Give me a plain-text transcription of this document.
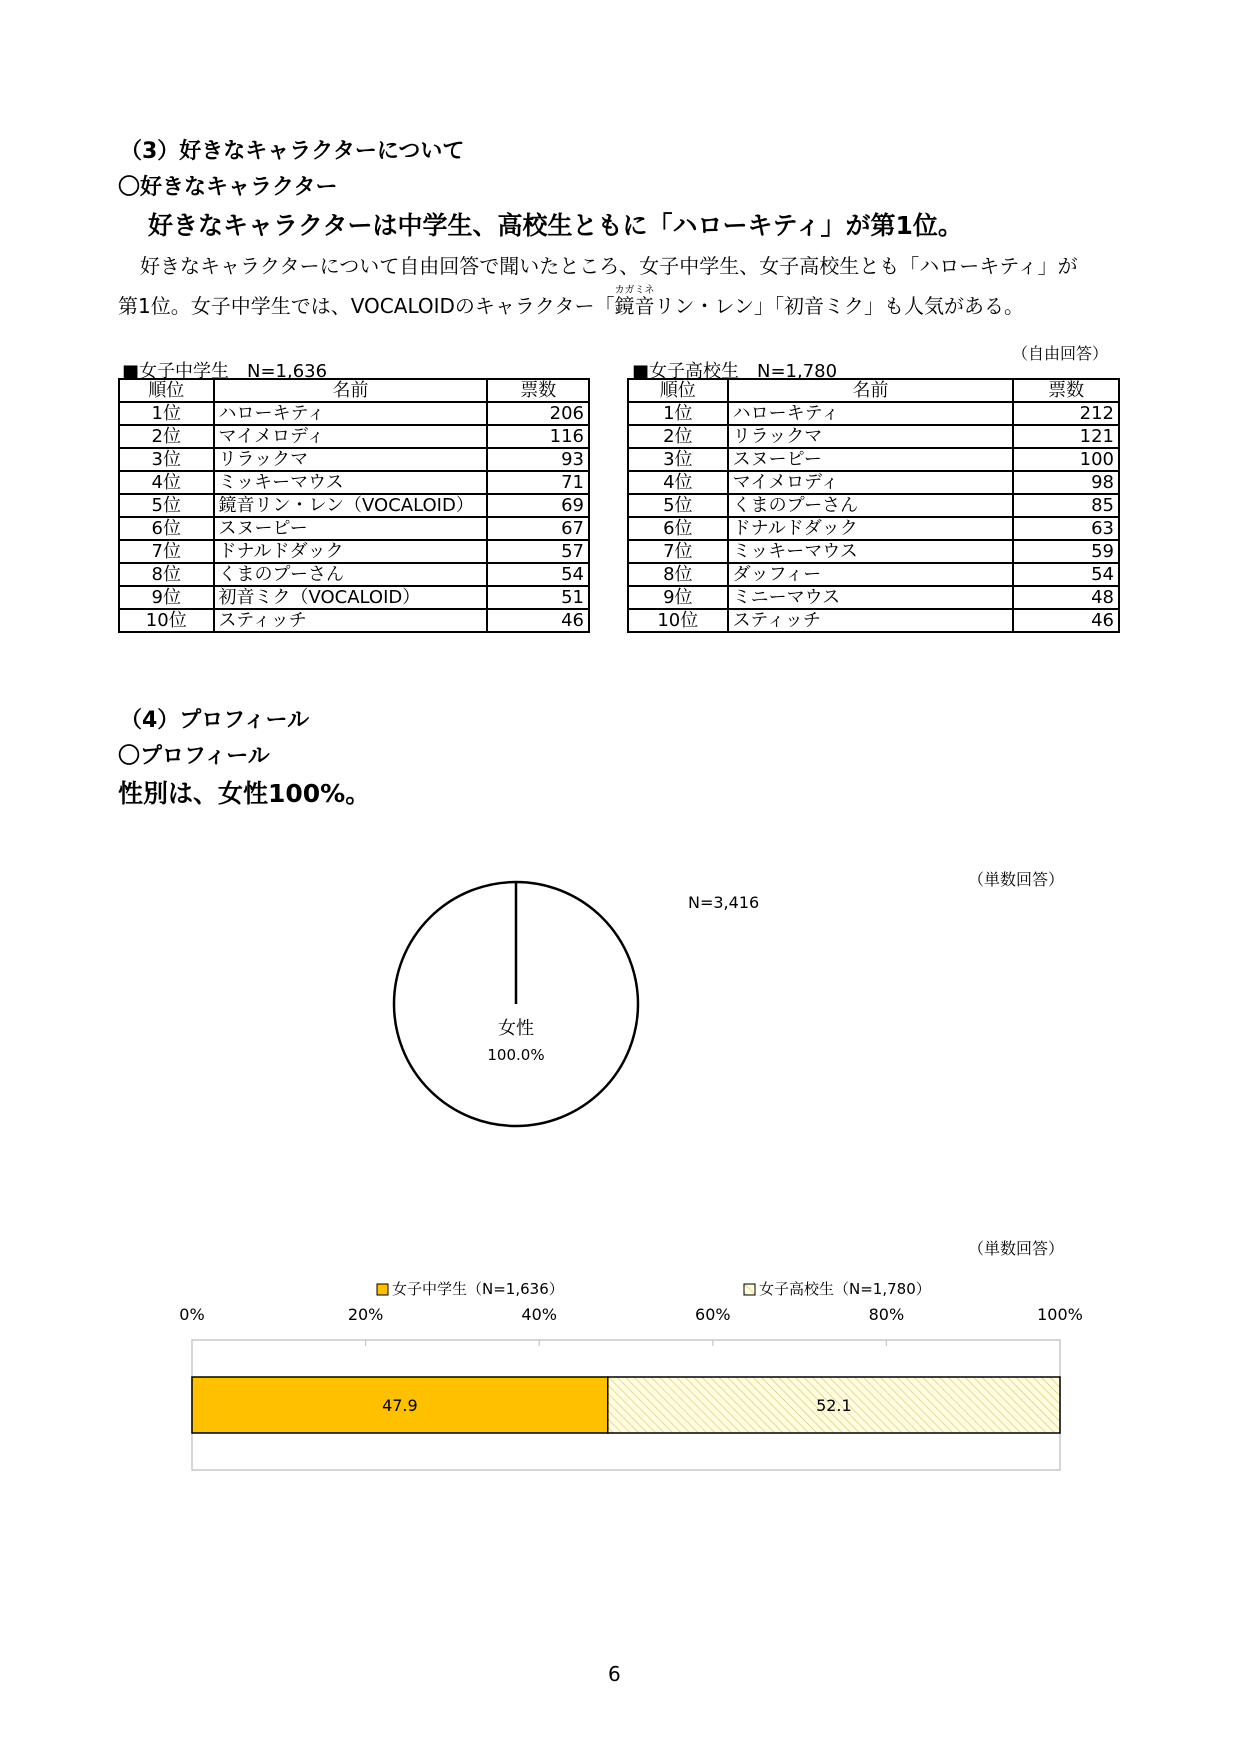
（3）好きなキャラクターについて
〇好きなキャラクター
好きなキャラクターは中学生、高校生ともに「ハローキティ」が第1位。
好きなキャラクターについて自由回答で聞いたところ、女子中学生、女子高校生とも「ハローキティ」が
第1位。女子中学生では、VOCALOIDのキャラクター「鏡音カガミネリン・レン」「初音ミク」も人気がある。
（自由回答）
■女子中学生　N=1,636	■女子高校生　N=1,780
順位	名前	票数
1位	ハローキティ	206
2位	マイメロディ	116
3位	リラックマ	93
4位	ミッキーマウス	71
5位	鏡音リン・レン（VOCALOID）	69
6位	スヌーピー	67
7位	ドナルドダック	57
8位	くまのプーさん	54
9位	初音ミク（VOCALOID）	51
10位	スティッチ	46
順位	名前	票数
1位	ハローキティ	212
2位	リラックマ	121
3位	スヌーピー	100
4位	マイメロディ	98
5位	くまのプーさん	85
6位	ドナルドダック	63
7位	ミッキーマウス	59
8位	ダッフィー	54
9位	ミニーマウス	48
10位	スティッチ	46
（4）プロフィール
〇プロフィール
性別は、女性100%。
（単数回答）
N=3,416
女性
100.0%
（単数回答）
女子中学生（N=1,636）	女子高校生（N=1,780）
0%	20%	40%	60%	80%	100%
47.9	52.1
6
